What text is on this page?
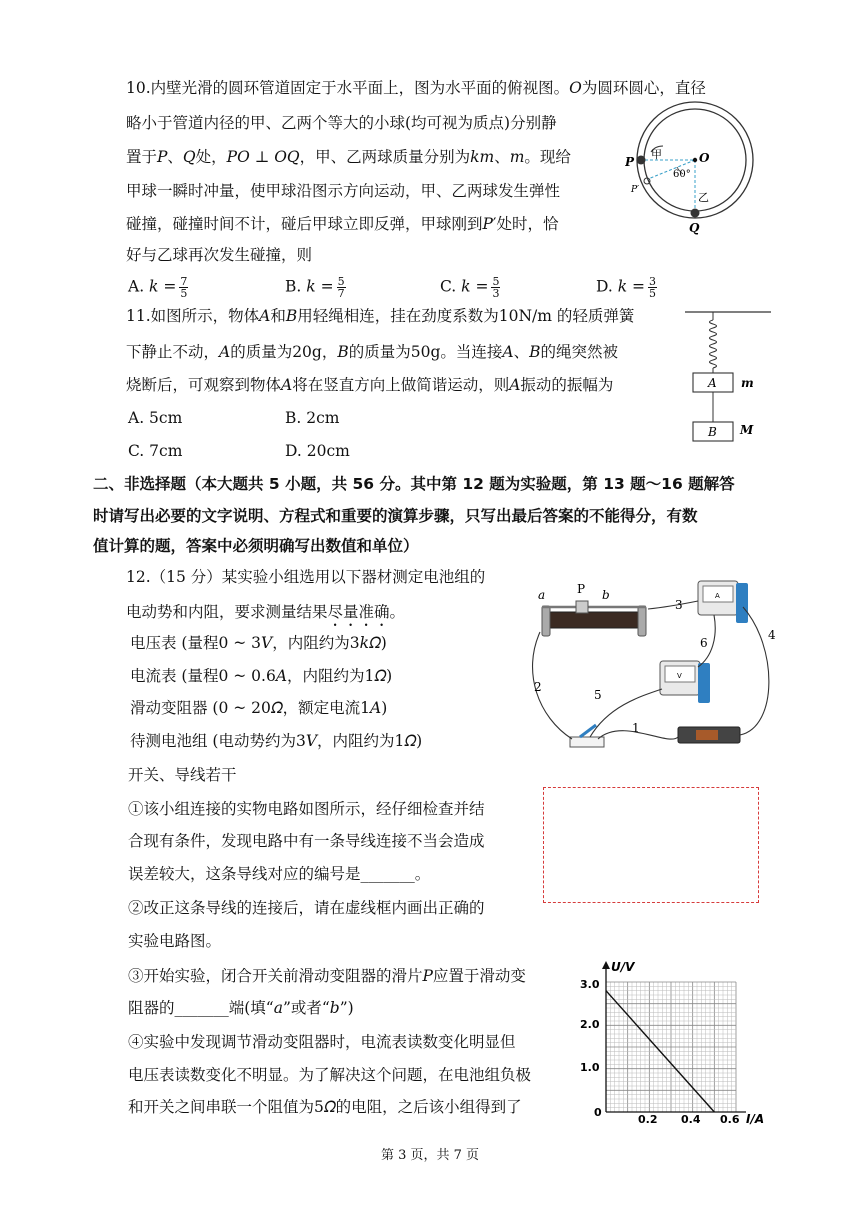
10.内壁光滑的圆环管道固定于水平面上，图为水平面的俯视图。𝑂为圆环圆心，直径
略小于管道内径的甲、乙两个等大的小球(均可视为质点)分别静
置于𝑃、𝑄处，𝑃𝑂 ⊥ 𝑂𝑄，甲、乙两球质量分别为𝑘𝑚、𝑚。现给
甲球一瞬时冲量，使甲球沿图示方向运动，甲、乙两球发生弹性
碰撞，碰撞时间不计，碰后甲球立即反弹，甲球刚到𝑃′处时，恰
好与乙球再次发生碰撞，则
A. 𝑘 = $\frac{7}{5}$	B. 𝑘 = $\frac{5}{7}$	C. 𝑘 = $\frac{5}{3}$	D. 𝑘 = $\frac{3}{5}$
P
甲	O
P′
60°
乙
Q
11.如图所示，物体𝐴和𝐵用轻绳相连，挂在劲度系数为10N/m 的轻质弹簧
下静止不动，𝐴的质量为20g，𝐵的质量为50g。当连接𝐴、𝐵的绳突然被
烧断后，可观察到物体𝐴将在竖直方向上做简谐运动，则𝐴振动的振幅为
A. 5cm	B. 2cm
C. 7cm	D. 20cm
A m
B M
二、非选择题（本大题共 5 小题，共 56 分。其中第 12 题为实验题，第 13 题～16 题解答
时请写出必要的文字说明、方程式和重要的演算步骤，只写出最后答案的不能得分，有数
值计算的题，答案中必须明确写出数值和单位）
12.（15 分）某实验小组选用以下器材测定电池组的
电动势和内阻，要求测量结果尽量准确。
电压表 (量程0 ~ 3𝑉，内阻约为3𝑘𝛺)
电流表 (量程0 ~ 0.6𝐴，内阻约为1𝛺)
滑动变阻器 (0 ~ 20𝛺，额定电流1𝐴)
待测电池组 (电动势约为3𝑉，内阻约为1𝛺)
开关、导线若干
①该小组连接的实物电路如图所示，经仔细检查并结
合现有条件，发现电路中有一条导线连接不当会造成
误差较大，这条导线对应的编号是_______。
②改正这条导线的连接后，请在虚线框内画出正确的
实验电路图。
③开始实验，闭合开关前滑动变阻器的滑片𝑃应置于滑动变
阻器的_______端(填“𝑎”或者“𝑏”)
④实验中发现调节滑动变阻器时，电流表读数变化明显但
电压表读数变化不明显。为了解决这个问题，在电池组负极
和开关之间串联一个阻值为5𝛺的电阻，之后该小组得到了
a	P b	A
V
1
2
3
4
5
6
U/V
I/A
0
3.0
2.0
1.0
0.2 0.4 0.6
第 3 页，共 7 页
